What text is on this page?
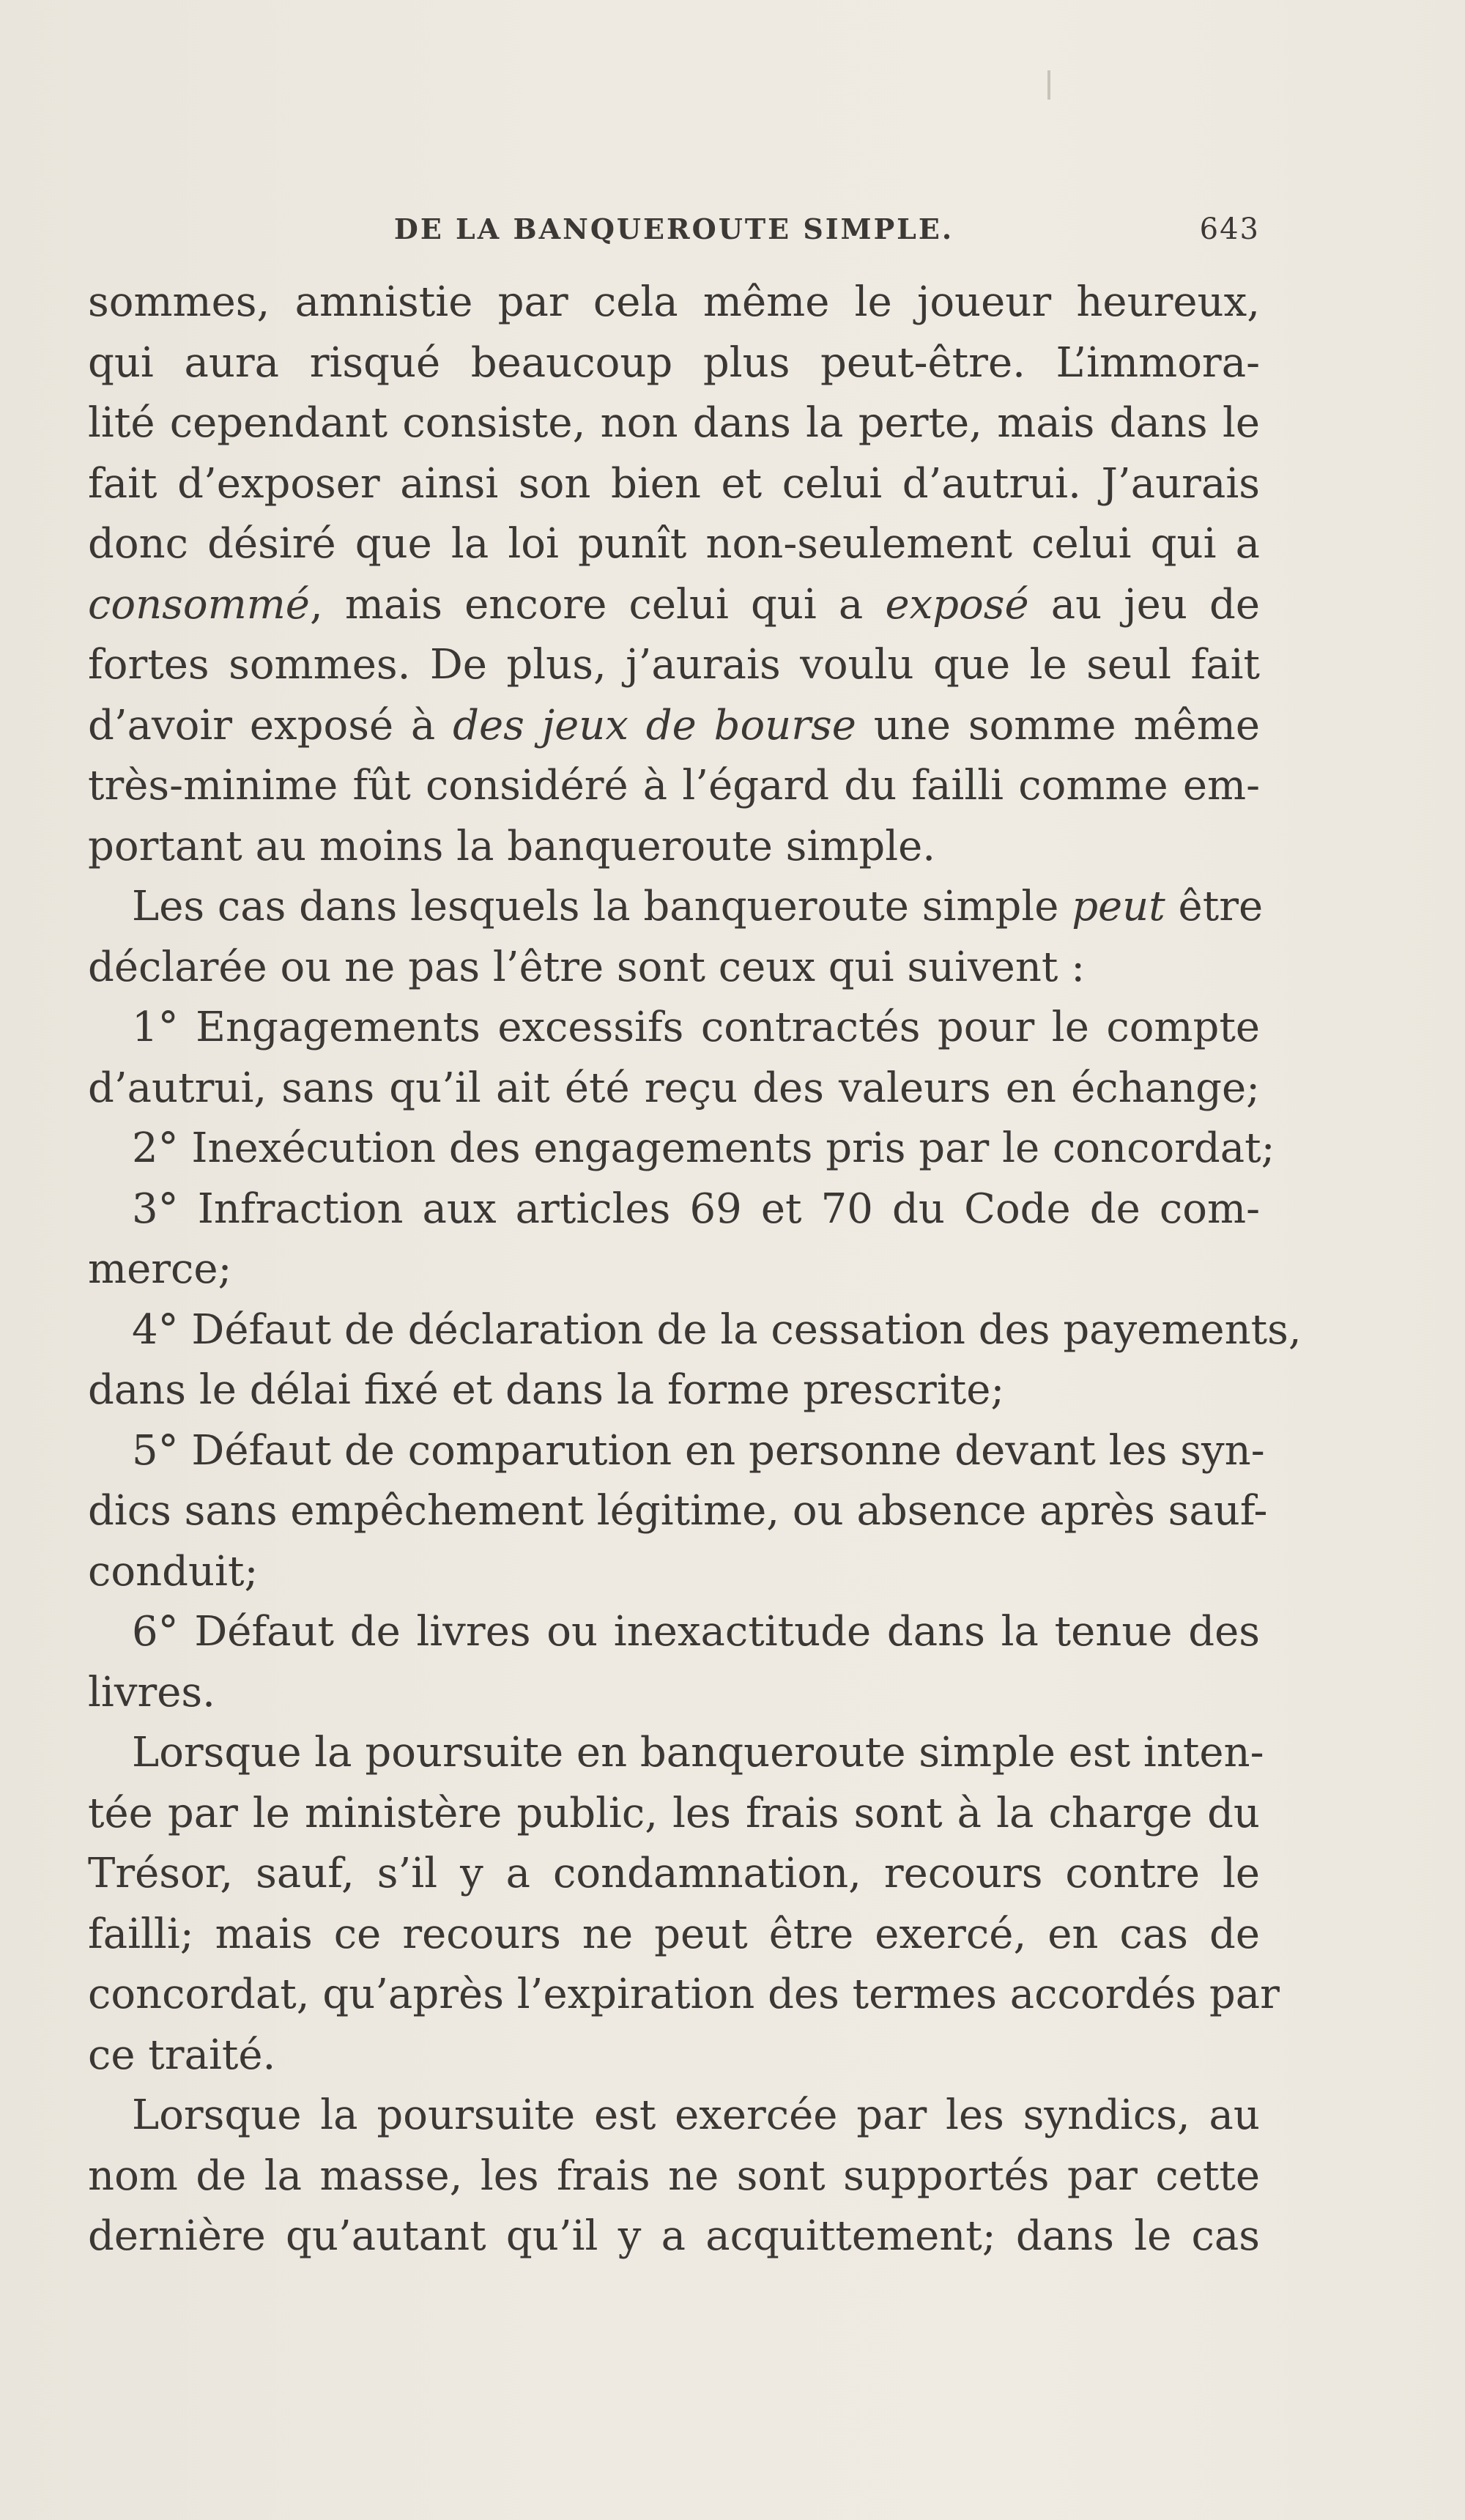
DE LA BANQUEROUTE SIMPLE.	643
sommes, amnistie par cela même le joueur heureux,
qui aura risqué beaucoup plus peut-être. L’immora-
lité cependant consiste, non dans la perte, mais dans le
fait d’exposer ainsi son bien et celui d’autrui. J’aurais
donc désiré que la loi punît non-seulement celui qui a
consommé, mais encore celui qui a exposé au jeu de
fortes sommes. De plus, j’aurais voulu que le seul fait
d’avoir exposé à des jeux de bourse une somme même
très-minime fût considéré à l’égard du failli comme em-
portant au moins la banqueroute simple.
Les cas dans lesquels la banqueroute simple peut être
déclarée ou ne pas l’être sont ceux qui suivent :
1° Engagements excessifs contractés pour le compte
d’autrui, sans qu’il ait été reçu des valeurs en échange;
2° Inexécution des engagements pris par le concordat;
3° Infraction aux articles 69 et 70 du Code de com-
merce;
4° Défaut de déclaration de la cessation des payements,
dans le délai fixé et dans la forme prescrite;
5° Défaut de comparution en personne devant les syn-
dics sans empêchement légitime, ou absence après sauf-
conduit;
6° Défaut de livres ou inexactitude dans la tenue des
livres.
Lorsque la poursuite en banqueroute simple est inten-
tée par le ministère public, les frais sont à la charge du
Trésor, sauf, s’il y a condamnation, recours contre le
failli; mais ce recours ne peut être exercé, en cas de
concordat, qu’après l’expiration des termes accordés par
ce traité.
Lorsque la poursuite est exercée par les syndics, au
nom de la masse, les frais ne sont supportés par cette
dernière qu’autant qu’il y a acquittement; dans le cas
